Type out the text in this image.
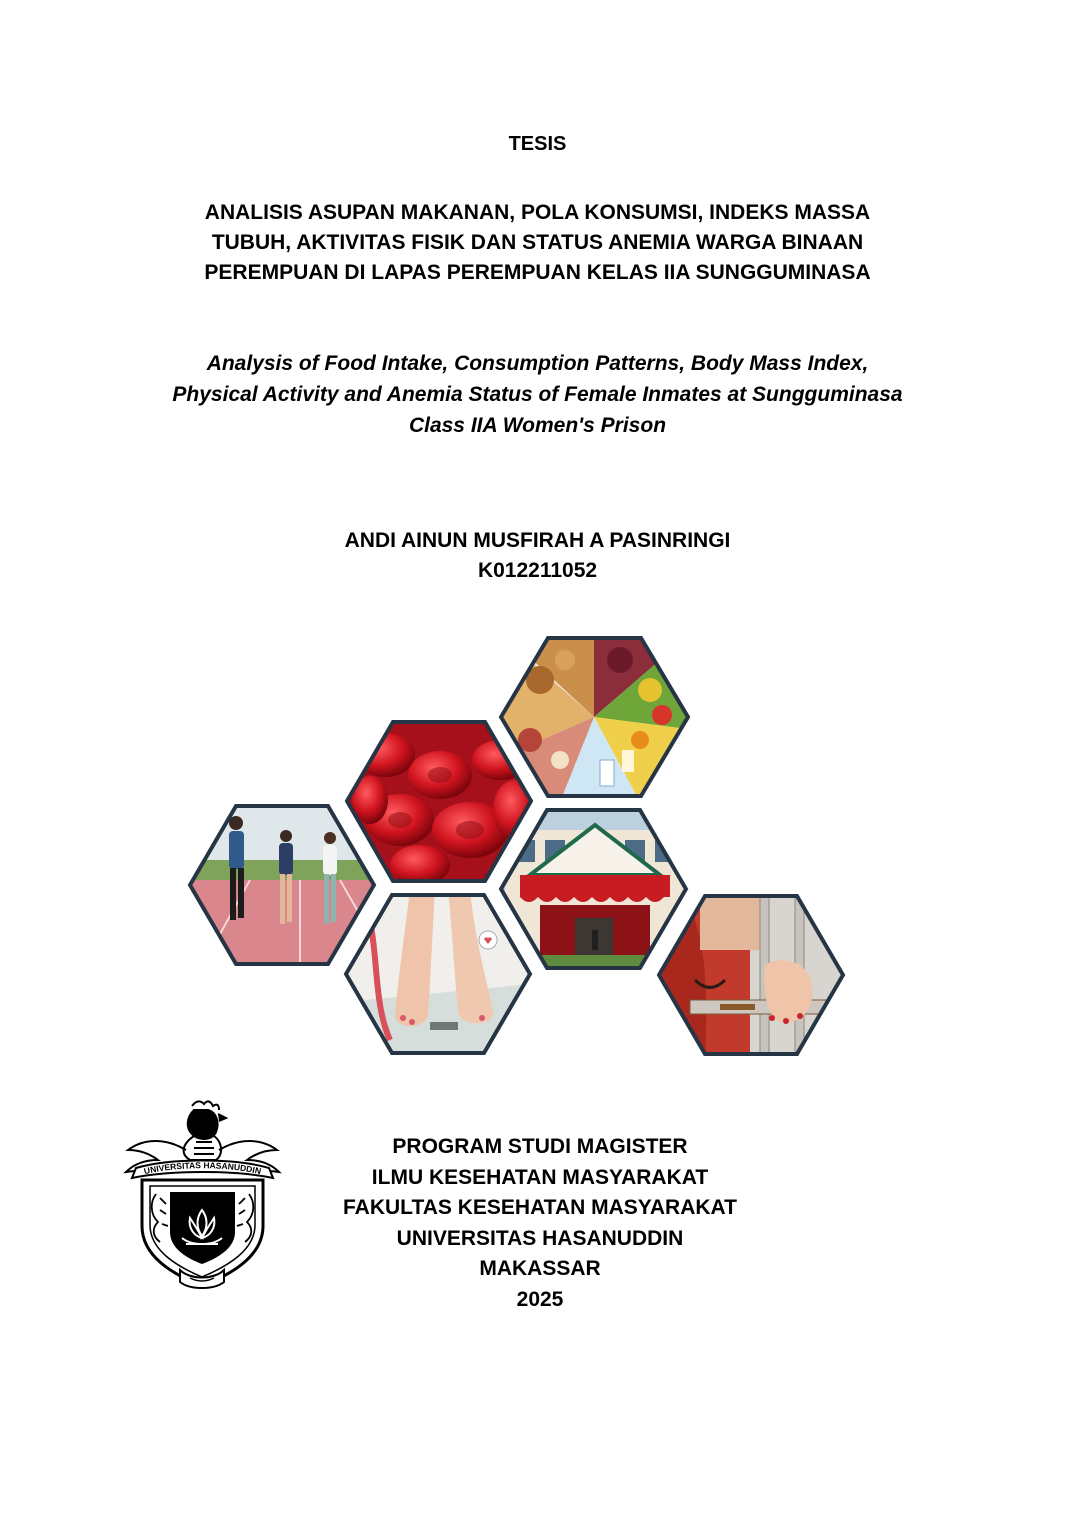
TESIS
ANALISIS ASUPAN MAKANAN, POLA KONSUMSI, INDEKS MASSA
TUBUH, AKTIVITAS FISIK DAN STATUS ANEMIA WARGA BINAAN
PEREMPUAN DI LAPAS PEREMPUAN KELAS IIA SUNGGUMINASA
Analysis of Food Intake, Consumption Patterns, Body Mass Index,
Physical Activity and Anemia Status of Female Inmates at Sungguminasa
Class IIA Women's Prison
ANDI AINUN MUSFIRAH A PASINRINGI
K012211052
UNIVERSITAS HASANUDDIN
PROGRAM STUDI MAGISTER
ILMU KESEHATAN MASYARAKAT
FAKULTAS KESEHATAN MASYARAKAT
UNIVERSITAS HASANUDDIN
MAKASSAR
2025
